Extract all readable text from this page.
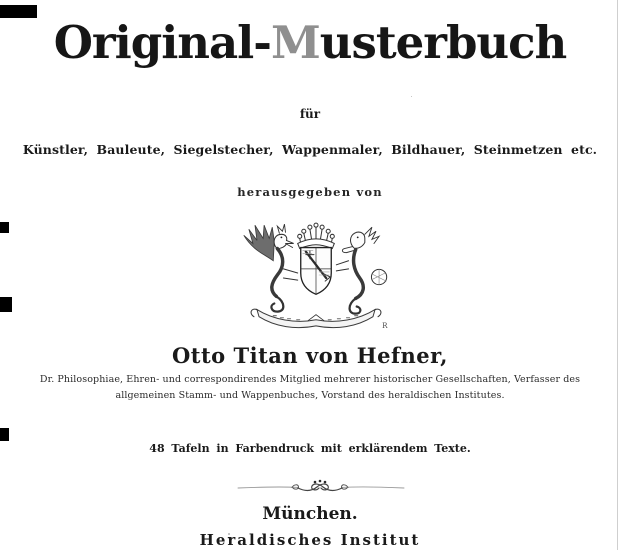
Original-Musterbuch
für
Künstler, Bauleute, Siegelstecher, Wappenmaler, Bildhauer, Steinmetzen etc.
herausgegeben von
R
Otto Titan von Hefner,
Dr. Philosophiae, Ehren- und correspondirendes Mitglied mehrerer historischer Gesellschaften, Verfasser des
allgemeinen Stamm- und Wappenbuches, Vorstand des heraldischen Institutes.
48 Tafeln in Farbendruck mit erklärendem Texte.
München.
Heraldisches Institut
